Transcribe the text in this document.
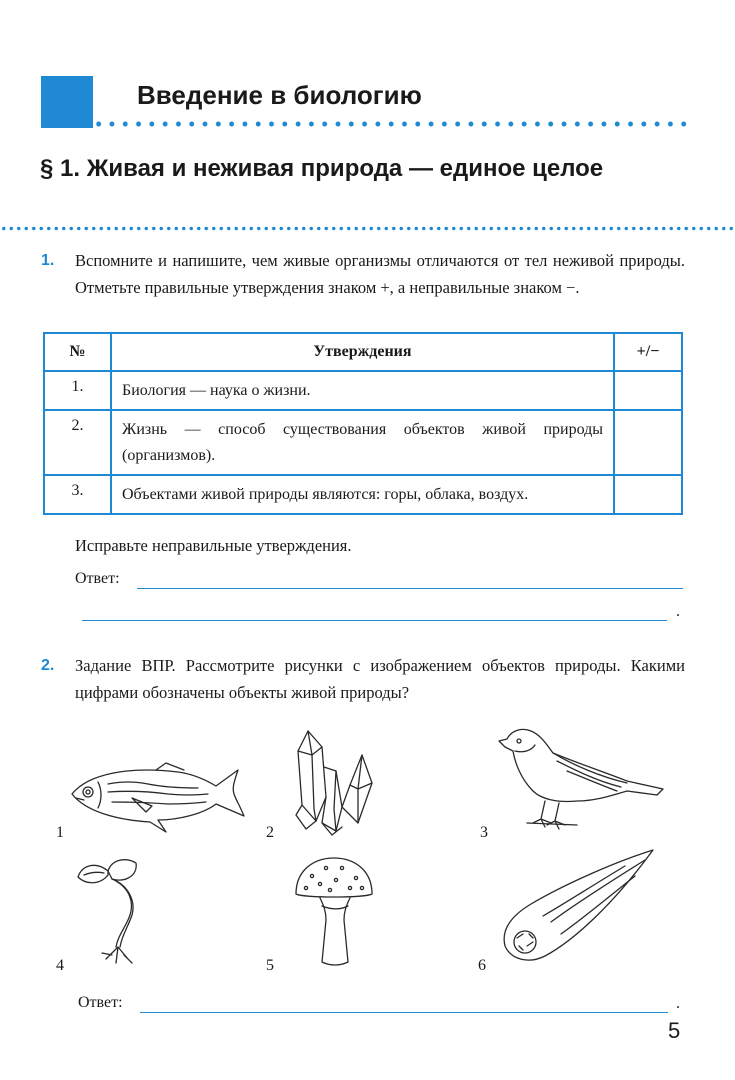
Введение в биологию
§ 1. Живая и неживая природа — единое целое
1. Вспомните и напишите, чем живые организмы отличаются от тел неживой природы. Отметьте правильные утверждения знаком +, а неправильные знаком −.
№	Утверждения	+/−
1.	Биология — наука о жизни.	
2.	Жизнь — способ существования объектов живой природы (организмов).	
3.	Объектами живой природы являются: горы, облака, воздух.	
Исправьте неправильные утверждения.
Ответ:
.
2. Задание ВПР. Рассмотрите рисунки с изображением объектов природы. Какими цифрами обозначены объекты живой природы?
1	2	3
4	5	6
Ответ:	.
5
